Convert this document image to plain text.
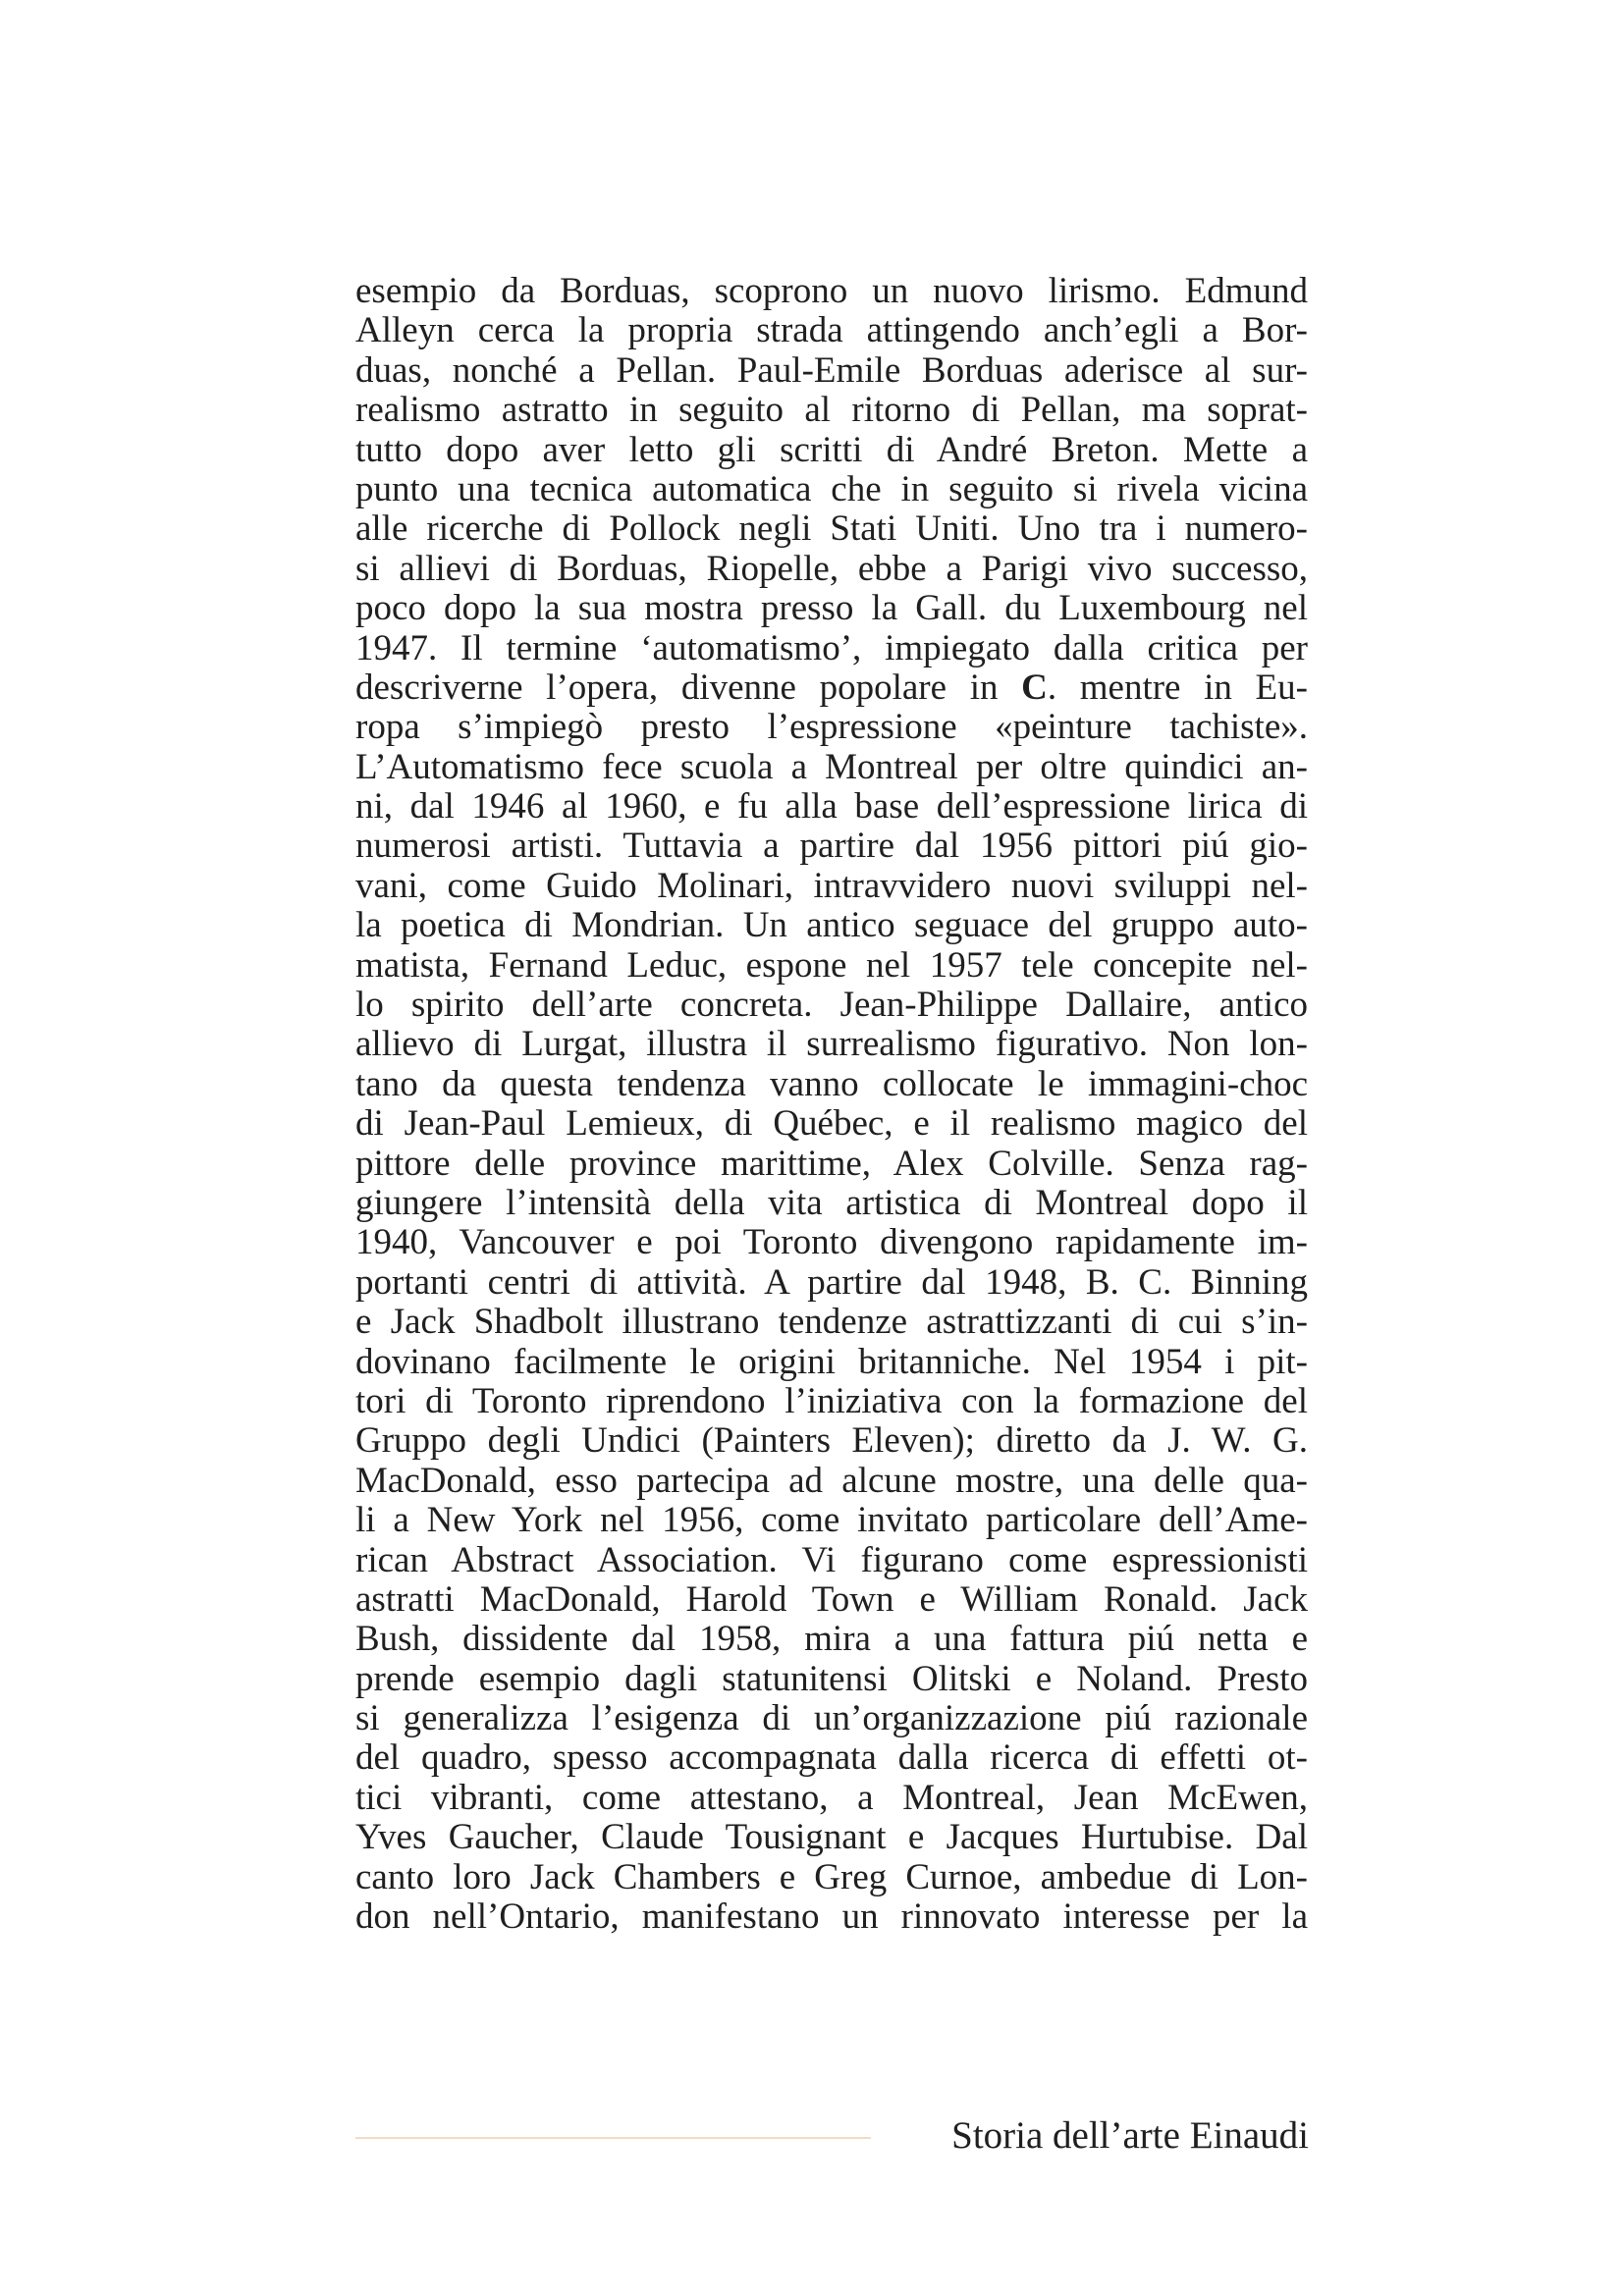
esempio da Borduas, scoprono un nuovo lirismo. Edmund
Alleyn cerca la propria strada attingendo anch’egli a Bor-
duas, nonché a Pellan. Paul-Emile Borduas aderisce al sur-
realismo astratto in seguito al ritorno di Pellan, ma soprat-
tutto dopo aver letto gli scritti di André Breton. Mette a
punto una tecnica automatica che in seguito si rivela vicina
alle ricerche di Pollock negli Stati Uniti. Uno tra i numero-
si allievi di Borduas, Riopelle, ebbe a Parigi vivo successo,
poco dopo la sua mostra presso la Gall. du Luxembourg nel
1947. Il termine ‘automatismo’, impiegato dalla critica per
descriverne l’opera, divenne popolare in C. mentre in Eu-
ropa s’impiegò presto l’espressione «peinture tachiste».
L’Automatismo fece scuola a Montreal per oltre quindici an-
ni, dal 1946 al 1960, e fu alla base dell’espressione lirica di
numerosi artisti. Tuttavia a partire dal 1956 pittori piú gio-
vani, come Guido Molinari, intravvidero nuovi sviluppi nel-
la poetica di Mondrian. Un antico seguace del gruppo auto-
matista, Fernand Leduc, espone nel 1957 tele concepite nel-
lo spirito dell’arte concreta. Jean-Philippe Dallaire, antico
allievo di Lurgat, illustra il surrealismo figurativo. Non lon-
tano da questa tendenza vanno collocate le immagini-choc
di Jean-Paul Lemieux, di Québec, e il realismo magico del
pittore delle province marittime, Alex Colville. Senza rag-
giungere l’intensità della vita artistica di Montreal dopo il
1940, Vancouver e poi Toronto divengono rapidamente im-
portanti centri di attività. A partire dal 1948, B. C. Binning
e Jack Shadbolt illustrano tendenze astrattizzanti di cui s’in-
dovinano facilmente le origini britanniche. Nel 1954 i pit-
tori di Toronto riprendono l’iniziativa con la formazione del
Gruppo degli Undici (Painters Eleven); diretto da J. W. G.
MacDonald, esso partecipa ad alcune mostre, una delle qua-
li a New York nel 1956, come invitato particolare dell’Ame-
rican Abstract Association. Vi figurano come espressionisti
astratti MacDonald, Harold Town e William Ronald. Jack
Bush, dissidente dal 1958, mira a una fattura piú netta e
prende esempio dagli statunitensi Olitski e Noland. Presto
si generalizza l’esigenza di un’organizzazione piú razionale
del quadro, spesso accompagnata dalla ricerca di effetti ot-
tici vibranti, come attestano, a Montreal, Jean McEwen,
Yves Gaucher, Claude Tousignant e Jacques Hurtubise. Dal
canto loro Jack Chambers e Greg Curnoe, ambedue di Lon-
don nell’Ontario, manifestano un rinnovato interesse per la
Storia dell’arte Einaudi
